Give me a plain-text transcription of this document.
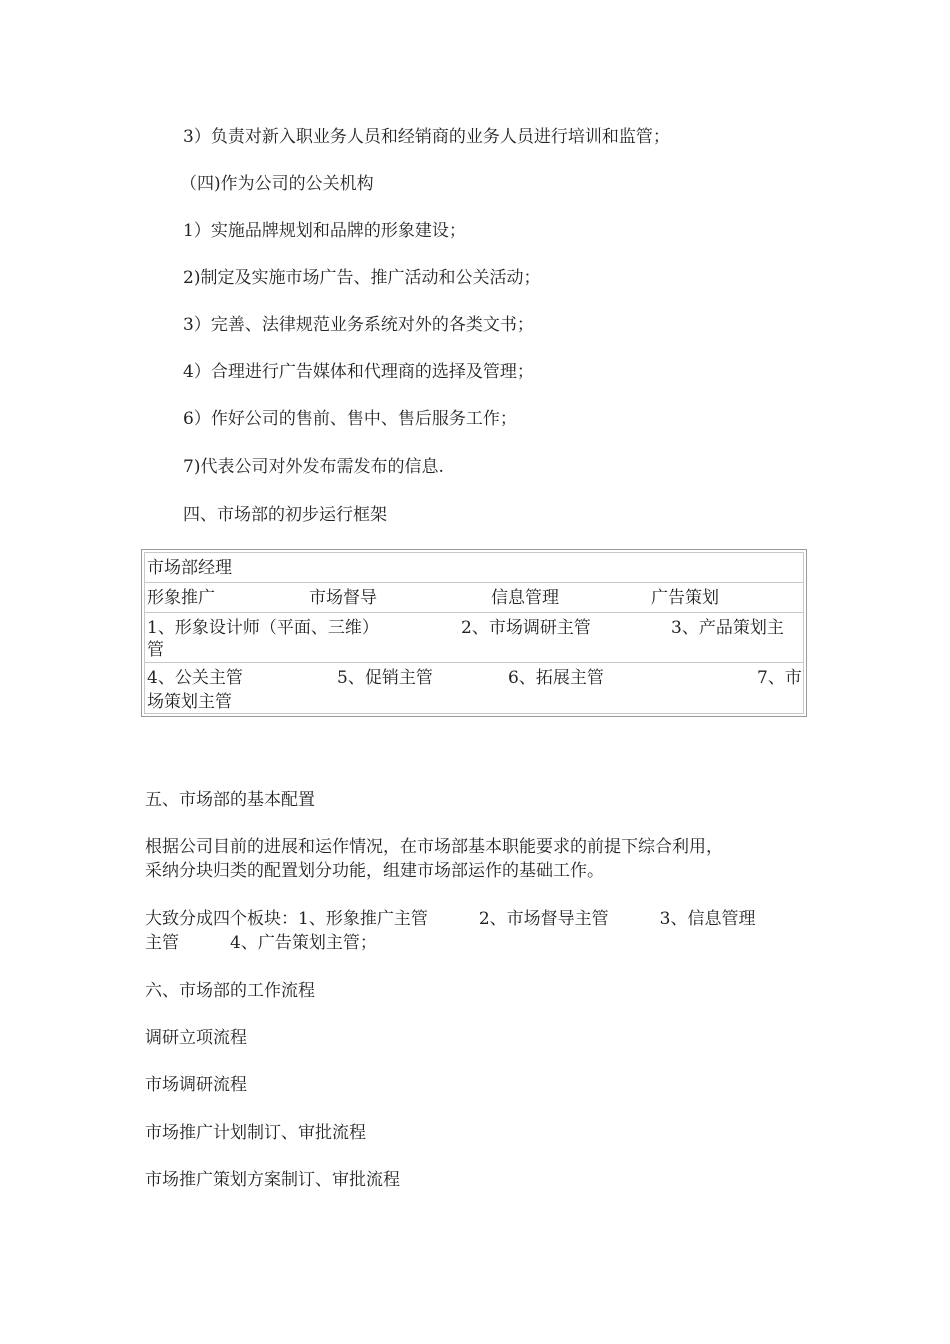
3）负责对新入职业务人员和经销商的业务人员进行培训和监管；

（四)作为公司的公关机构

1）实施品牌规划和品牌的形象建设；

2)制定及实施市场广告、推广活动和公关活动；

3）完善、法律规范业务系统对外的各类文书；

4）合理进行广告媒体和代理商的选择及管理；

6）作好公司的售前、售中、售后服务工作；

7)代表公司对外发布需发布的信息.

四、市场部的初步运行框架

市场部经理
形象推广	市场督导	信息管理	广告策划
1、形象设计师（平面、三维）	2、市场调研主管	3、产品策划主
管
4、公关主管	5、促销主管	6、拓展主管	7、市
场策划主管

五、市场部的基本配置

根据公司目前的进展和运作情况，在市场部基本职能要求的前提下综合利用，

采纳分块归类的配置划分功能，组建市场部运作的基础工作。

大致分成四个板块：1、形象推广主管　　　2、市场督导主管　　　3、信息管理

主管　　　4、广告策划主管；

六、市场部的工作流程

调研立项流程

市场调研流程

市场推广计划制订、审批流程

市场推广策划方案制订、审批流程
